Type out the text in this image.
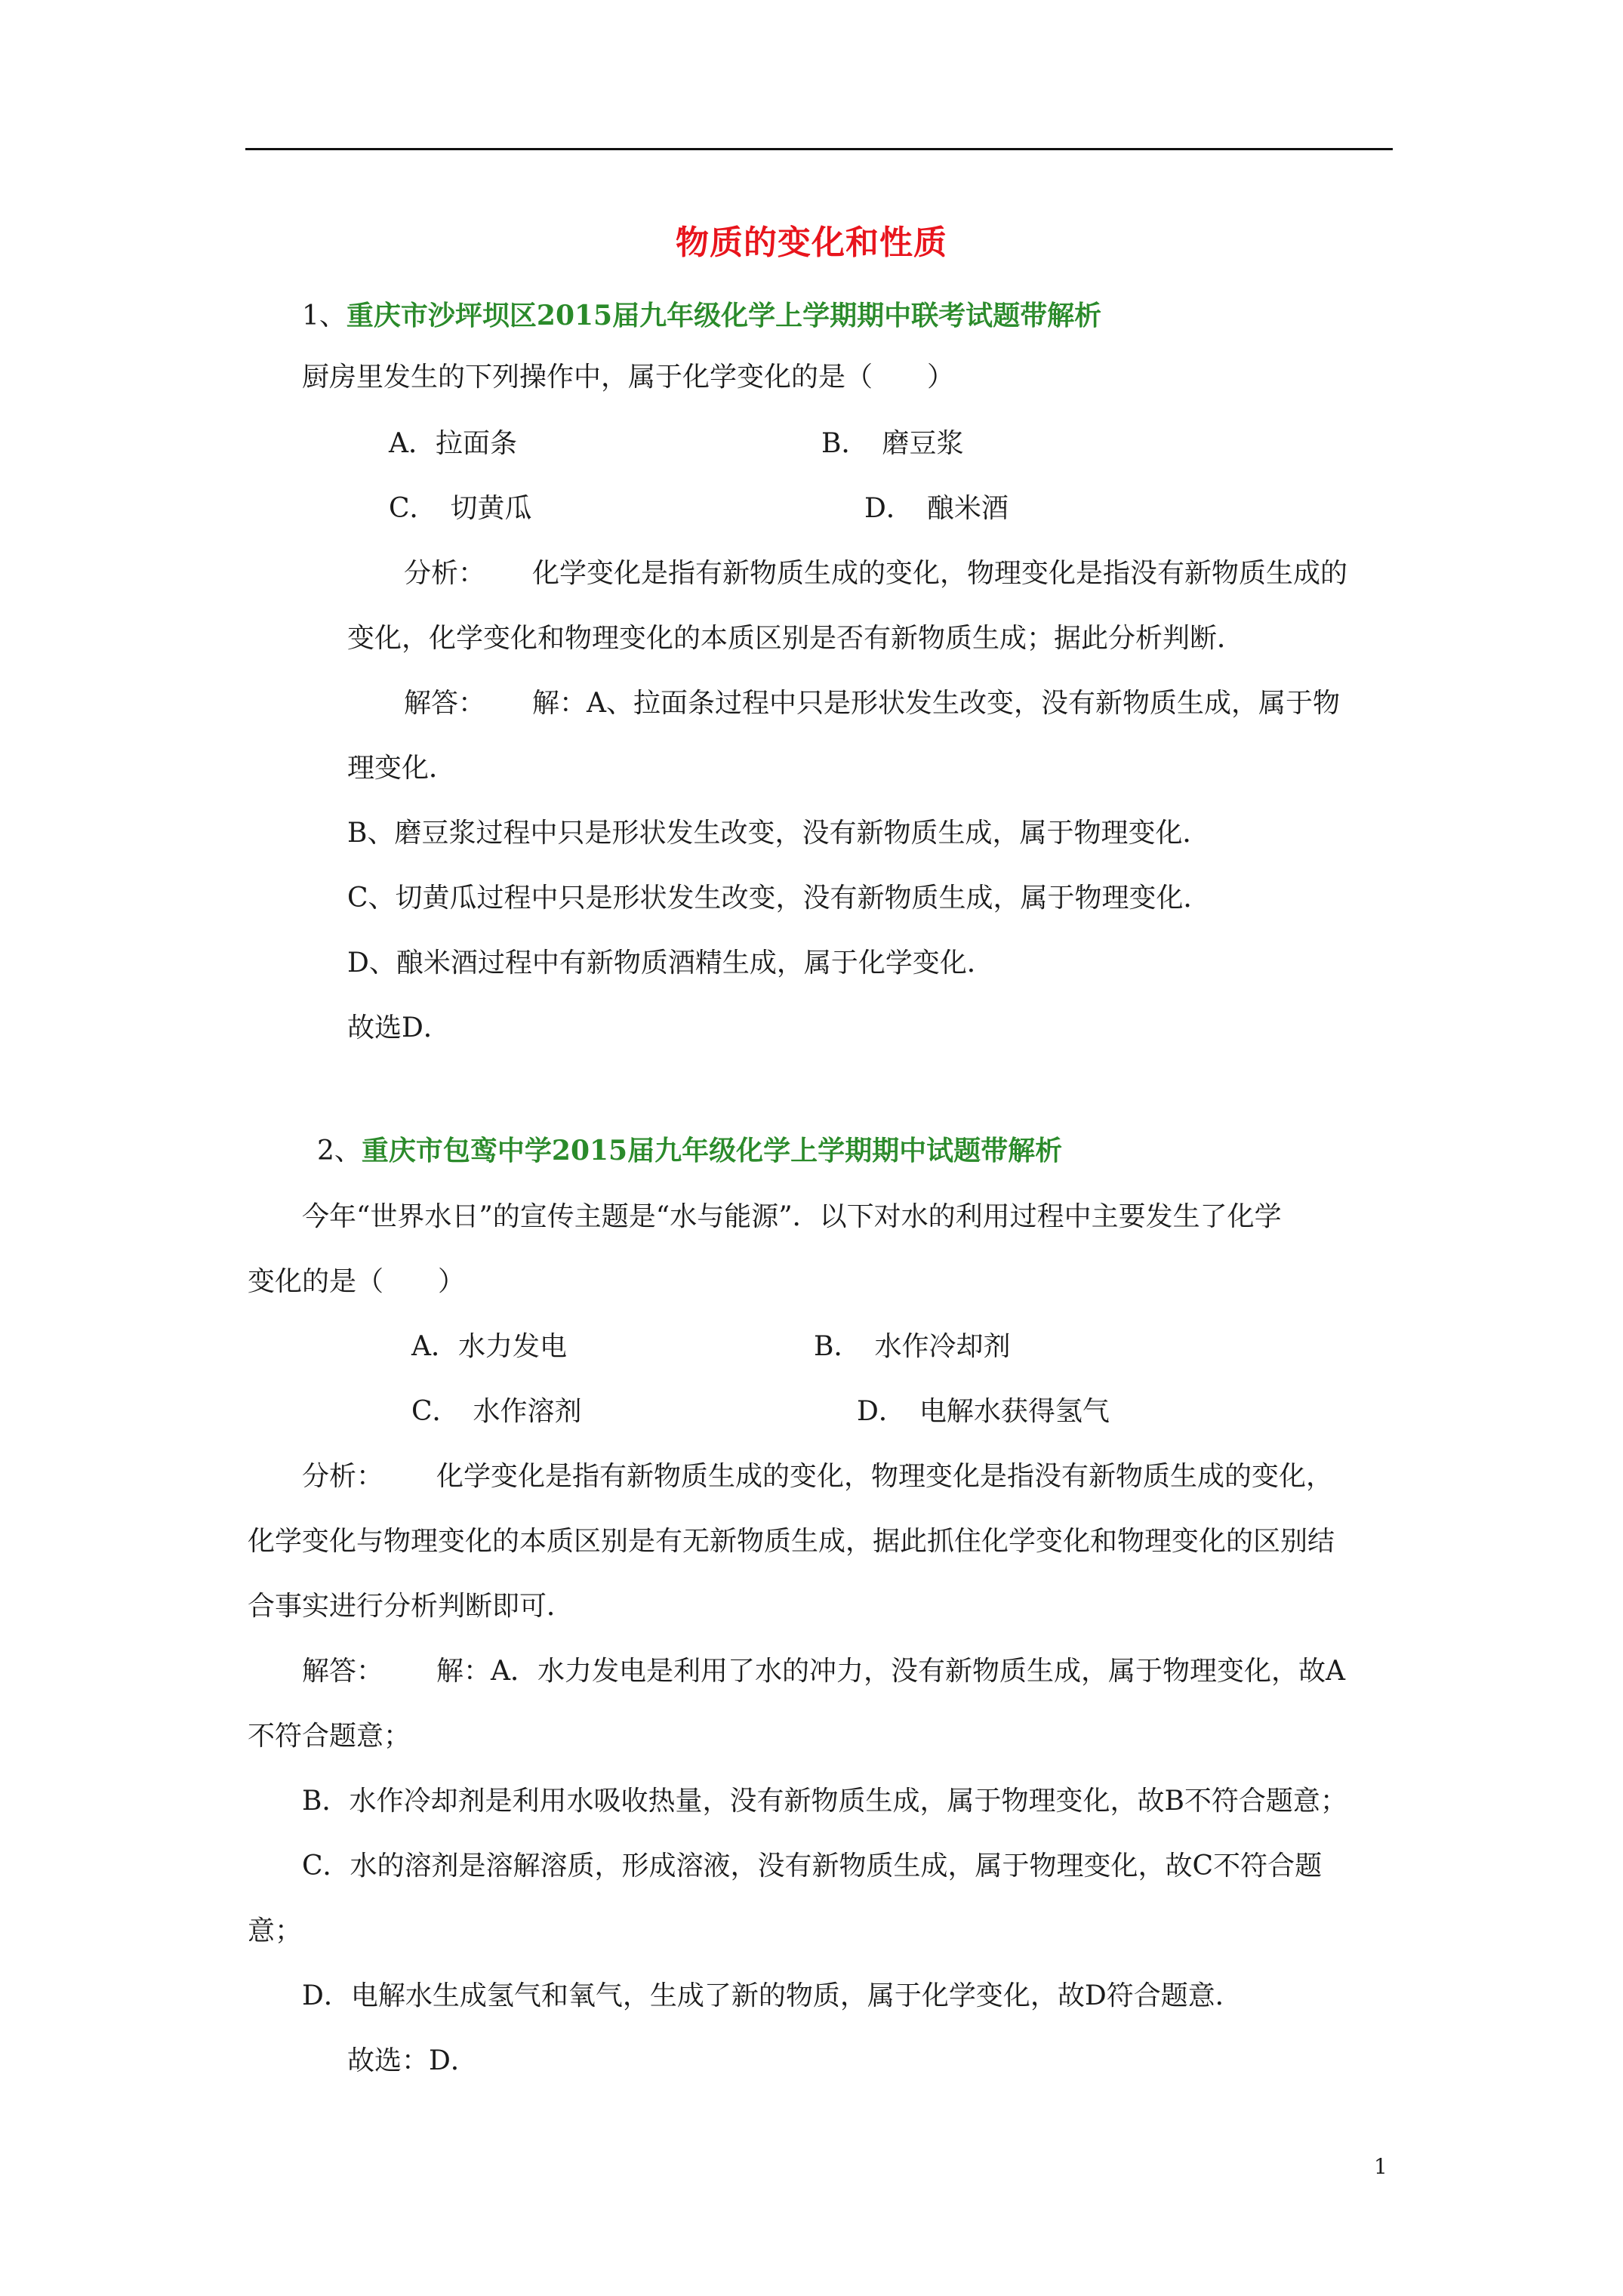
物质的变化和性质
1、重庆市沙坪坝区2015届九年级化学上学期期中联考试题带解析
厨房里发生的下列操作中，属于化学变化的是（　　）
A．拉面条	B．　磨豆浆
C．　切黄瓜	D．　酿米酒
分析： 化学变化是指有新物质生成的变化，物理变化是指没有新物质生成的
变化，化学变化和物理变化的本质区别是否有新物质生成；据此分析判断．
解答： 解：A、拉面条过程中只是形状发生改变，没有新物质生成，属于物
理变化．
B、磨豆浆过程中只是形状发生改变，没有新物质生成，属于物理变化．
C、切黄瓜过程中只是形状发生改变，没有新物质生成，属于物理变化．
D、酿米酒过程中有新物质酒精生成，属于化学变化．
故选D．
2、重庆市包鸾中学2015届九年级化学上学期期中试题带解析
今年“世界水日”的宣传主题是“水与能源”．以下对水的利用过程中主要发生了化学
变化的是（　　）
A．水力发电	B．　水作冷却剂
C．　水作溶剂	D．　电解水获得氢气
分析： 化学变化是指有新物质生成的变化，物理变化是指没有新物质生成的变化，
化学变化与物理变化的本质区别是有无新物质生成，据此抓住化学变化和物理变化的区别结
合事实进行分析判断即可．
解答： 解：A．水力发电是利用了水的冲力，没有新物质生成，属于物理变化，故A
不符合题意；
B．水作冷却剂是利用水吸收热量，没有新物质生成，属于物理变化，故B不符合题意；
C．水的溶剂是溶解溶质，形成溶液，没有新物质生成，属于物理变化，故C不符合题
意；
D．电解水生成氢气和氧气，生成了新的物质，属于化学变化，故D符合题意．
故选：D．
1
